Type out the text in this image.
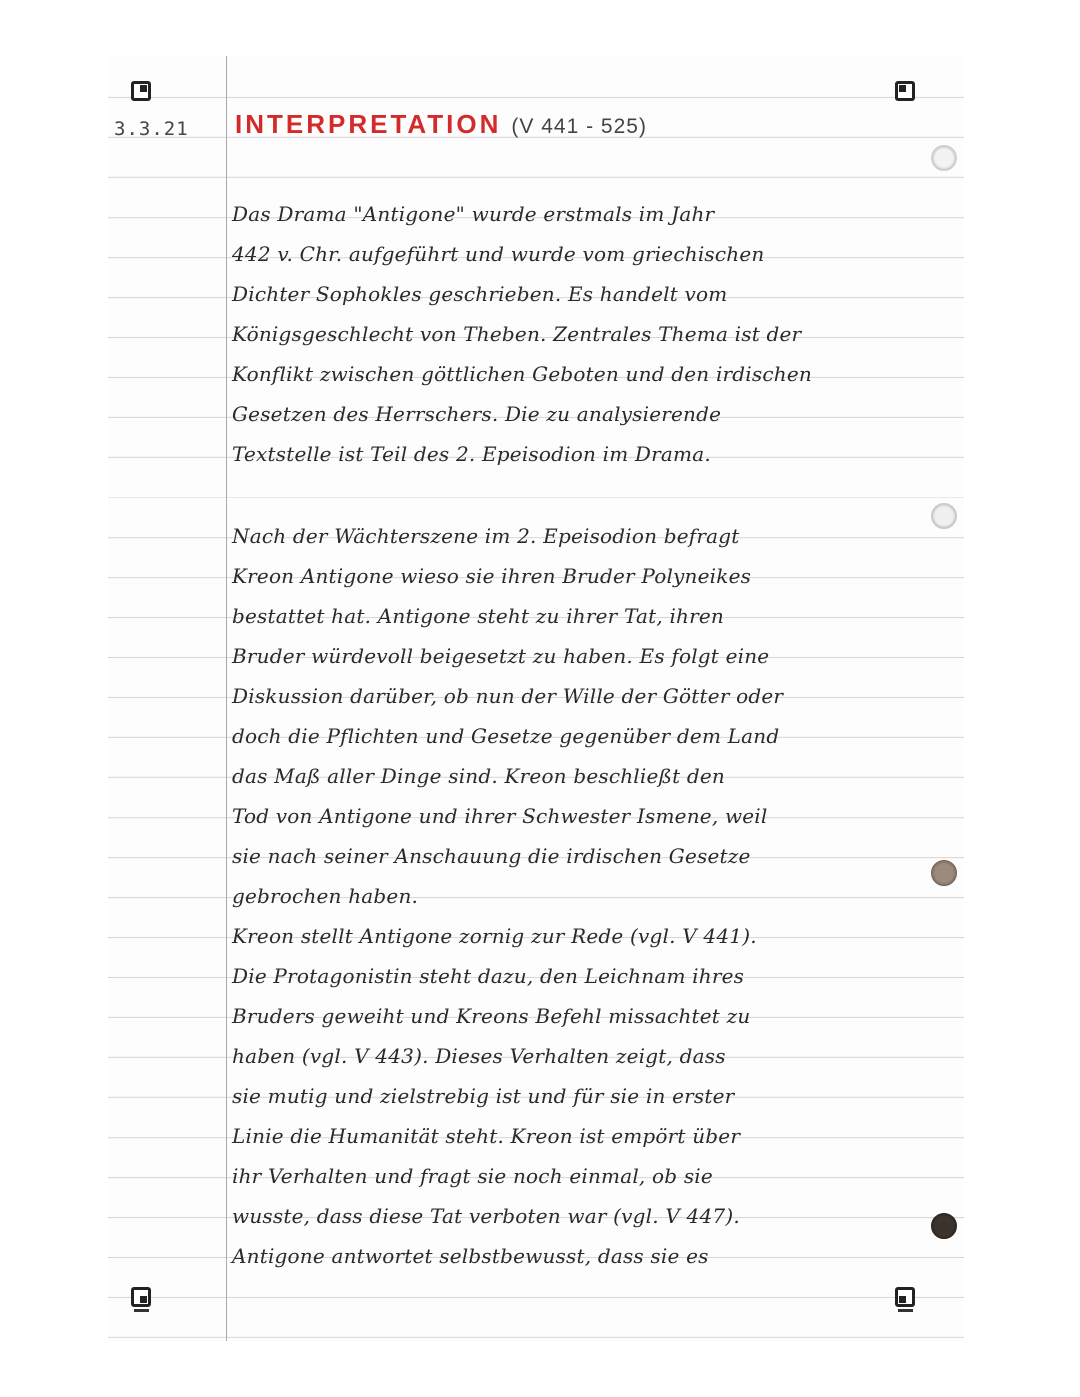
3.3.21 INTERPRETATION (V 441 - 525)

Das Drama "Antigone" wurde erstmals im Jahr
442 v. Chr. aufgeführt und wurde vom griechischen
Dichter Sophokles geschrieben. Es handelt vom
Königsgeschlecht von Theben. Zentrales Thema ist der
Konflikt zwischen göttlichen Geboten und den irdischen
Gesetzen des Herrschers. Die zu analysierende
Textstelle ist Teil des 2. Epeisodion im Drama.

Nach der Wächterszene im 2. Epeisodion befragt
Kreon Antigone wieso sie ihren Bruder Polyneikes
bestattet hat. Antigone steht zu ihrer Tat, ihren
Bruder würdevoll beigesetzt zu haben. Es folgt eine
Diskussion darüber, ob nun der Wille der Götter oder
doch die Pflichten und Gesetze gegenüber dem Land
das Maß aller Dinge sind. Kreon beschließt den
Tod von Antigone und ihrer Schwester Ismene, weil
sie nach seiner Anschauung die irdischen Gesetze
gebrochen haben.

Kreon stellt Antigone zornig zur Rede (vgl. V 441).
Die Protagonistin steht dazu, den Leichnam ihres
Bruders geweiht und Kreons Befehl missachtet zu
haben (vgl. V 443). Dieses Verhalten zeigt, dass
sie mutig und zielstrebig ist und für sie in erster
Linie die Humanität steht. Kreon ist empört über
ihr Verhalten und fragt sie noch einmal, ob sie
wusste, dass diese Tat verboten war (vgl. V 447).
Antigone antwortet selbstbewusst, dass sie es
